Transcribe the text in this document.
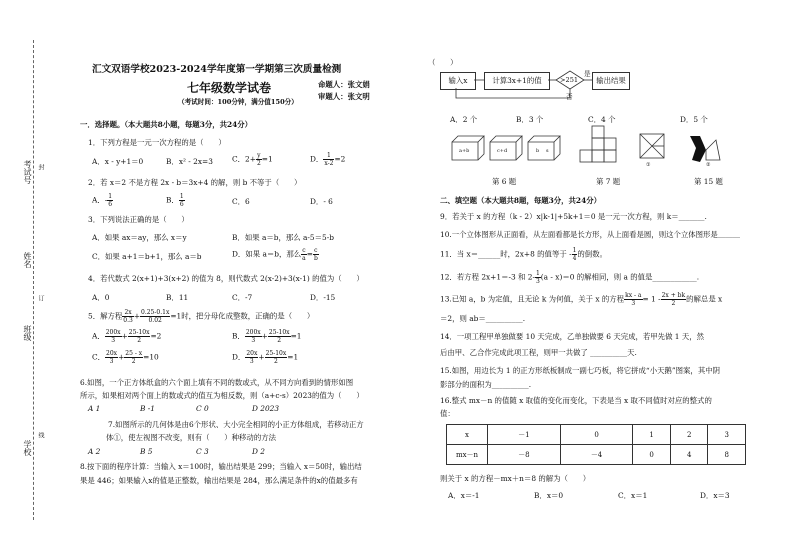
考试号 封
姓名
订
班级
学校
线
汇文双语学校2023-2024学年度第一学期第三次质量检测
七年级数学试卷
（考试时间：100分钟，满分值150分）
命题人：张文娟
审题人：张文明
一．选择题。（本大题共8小题，每题3分，共24分）
1．下列方程是一元一次方程的是（　　）
A．x - y+1＝0	B．x² - 2x=3	C．$2+ \frac{y}{2} =1$	D． $\frac{1}{x-2} =2$
2．若 x＝2 不是方程 2x - b＝3x+4 的解，则 b 不等于（　　）
A．- $\frac{1}{6}$	B． $\frac{1}{6}$	C．6	D．- 6
3．下列说法正确的是（　　）
A．如果 ax＝ay，那么 x＝y	B．如果 a＝b，那么 a-5＝5-b
C．如果 a+1＝b+1，那么 a＝b	D．如果 a＝b，那么 $\frac{c}{a} = \frac{c}{b}$
4．若代数式 2(x+1)+3(x+2) 的值为 8，则代数式 2(x-2)+3(x-1) 的值为（　　）
A．0	B．11	C．-7	D．-15
5．解方程 $\frac{2x}{0.3} + \frac{0.25-0.1x}{0.02} =1$时，把分母化成整数，正确的是（　　）
A． $\frac{200x}{3} + \frac{25-10x}{2} =2$	B． $\frac{200x}{3} + \frac{25-10x}{2} =1$
C． $\frac{20x}{3} + \frac{25 - x}{2} =10$	D． $\frac{20x}{3} + \frac{25-10x}{2} =1$
6.如图，一个正方体纸盒的六个面上填有不同的数或式，从不同方向看到的情形如图
所示，如果相对两个面上的数或式的值互为相反数，则（a+c-s）2023的值为（　　）
A 1	B -1	C 0	D 2023
7.如图所示的几何体是由6个形状、大小完全相同的小正方体组成，若移动正方
体①，使左视图不改变，则有（　　）种移动的方法
A 2	B 5	C 3	D 2
8.按下面的程序计算：当输入 x＝100时，输出结果是 299；当输入 x＝50时，输出结
果是 446；如果输入x的值是正整数，输出结果是 284，那么满足条件的x的值最多有
（　　）
输入x	计算3x+1的值	>251
是
否
输出结果
A．2 个	B．3 个	C．4 个	D．5 个
a+b	c+d	b s
①	②
第 6 题	第 7 题	第 15 题
二、填空题（本大题共8题，每题3分，共24分）
9．若关于 x 的方程（k - 2）x|k-1|+5k+1＝0 是一元一次方程，则 k＝_______.
10.一个立体图形从正面看，从左面看都是长方形，从上面看是圆，则这个立体图形是＿＿＿
11．当 x＝______时，2x+8 的值等于 - $\frac{1}{4}$ 的倒数。
12．若方程 2x+1＝-3 和 $2- \frac{1}{3} (a - x)=0$ 的解相同，则 a 的值是____________.
13.已知 a，b 为定值，且无论 k 为何值，关于 x 的方程 $\frac{kx - a}{3} = 1 - \frac{2x + bk}{2}$ 的解总是 x
＝2，则 ab＝__________.
14．一项工程甲单独做要 10 天完成，乙单独做要 6 天完成，若甲先做 1 天，然
后由甲、乙合作完成此项工程，则甲一共做了 __________天.
15.如图，用边长为 1 的正方形纸板制成一副七巧板，将它拼成“小天鹅”图案，其中阴
影部分的面积为__________.
16.整式 mx－n 的值随 x 取值的变化而变化，下表是当 x 取不同值时对应的整式的
值：
x	－1	0	1	2	3
mx－n	－8	－4	0	4	8
则关于 x 的方程－mx＋n＝8 的解为（　　）
A．x＝-1	B．x＝0	C．x＝1	D．x＝3
